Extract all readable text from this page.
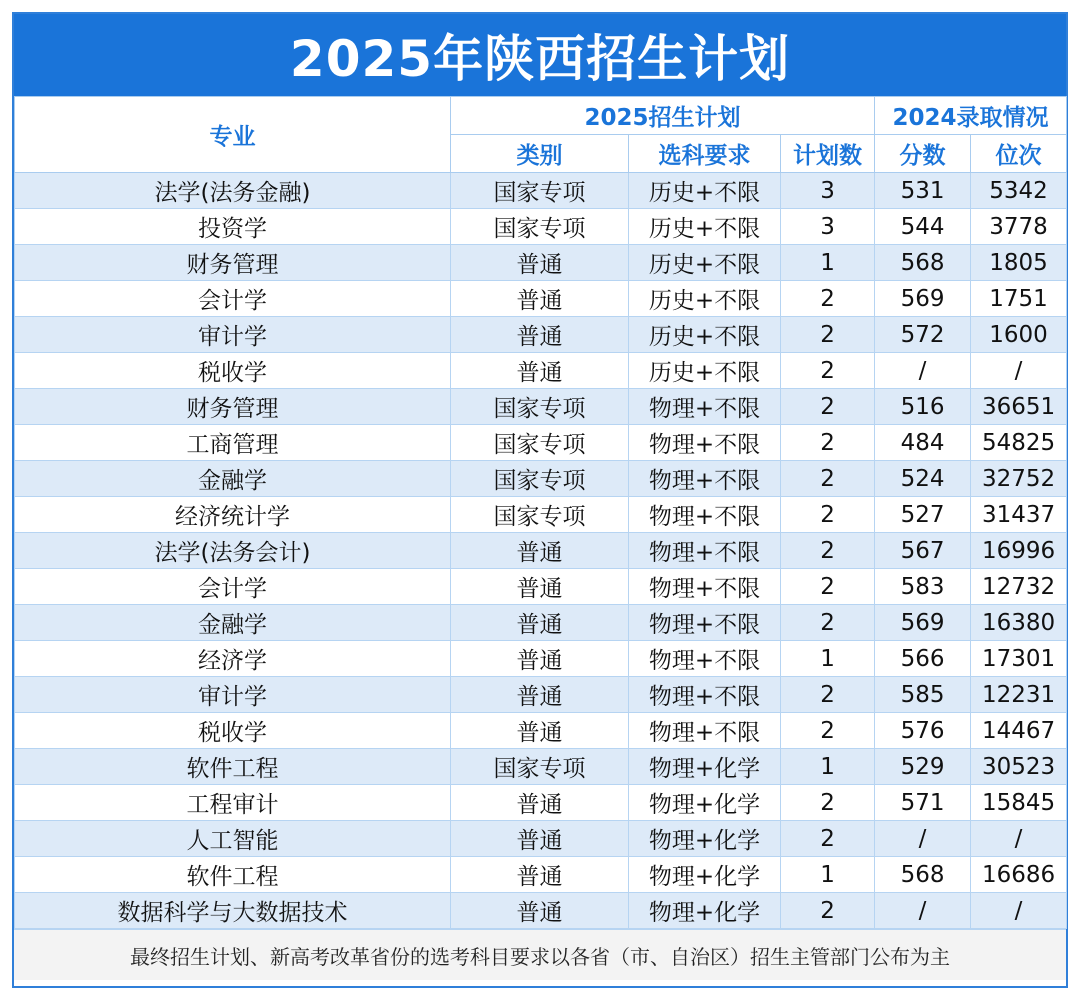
2025年陕西招生计划
专业	2025招生计划			2024录取情况	
	类别	选科要求	计划数	分数	位次
法学(法务金融)	国家专项	历史+不限	3	531	5342
投资学	国家专项	历史+不限	3	544	3778
财务管理	普通	历史+不限	1	568	1805
会计学	普通	历史+不限	2	569	1751
审计学	普通	历史+不限	2	572	1600
税收学	普通	历史+不限	2	/	/
财务管理	国家专项	物理+不限	2	516	36651
工商管理	国家专项	物理+不限	2	484	54825
金融学	国家专项	物理+不限	2	524	32752
经济统计学	国家专项	物理+不限	2	527	31437
法学(法务会计)	普通	物理+不限	2	567	16996
会计学	普通	物理+不限	2	583	12732
金融学	普通	物理+不限	2	569	16380
经济学	普通	物理+不限	1	566	17301
审计学	普通	物理+不限	2	585	12231
税收学	普通	物理+不限	2	576	14467
软件工程	国家专项	物理+化学	1	529	30523
工程审计	普通	物理+化学	2	571	15845
人工智能	普通	物理+化学	2	/	/
软件工程	普通	物理+化学	1	568	16686
数据科学与大数据技术	普通	物理+化学	2	/	/
最终招生计划、新高考改革省份的选考科目要求以各省（市、自治区）招生主管部门公布为主
